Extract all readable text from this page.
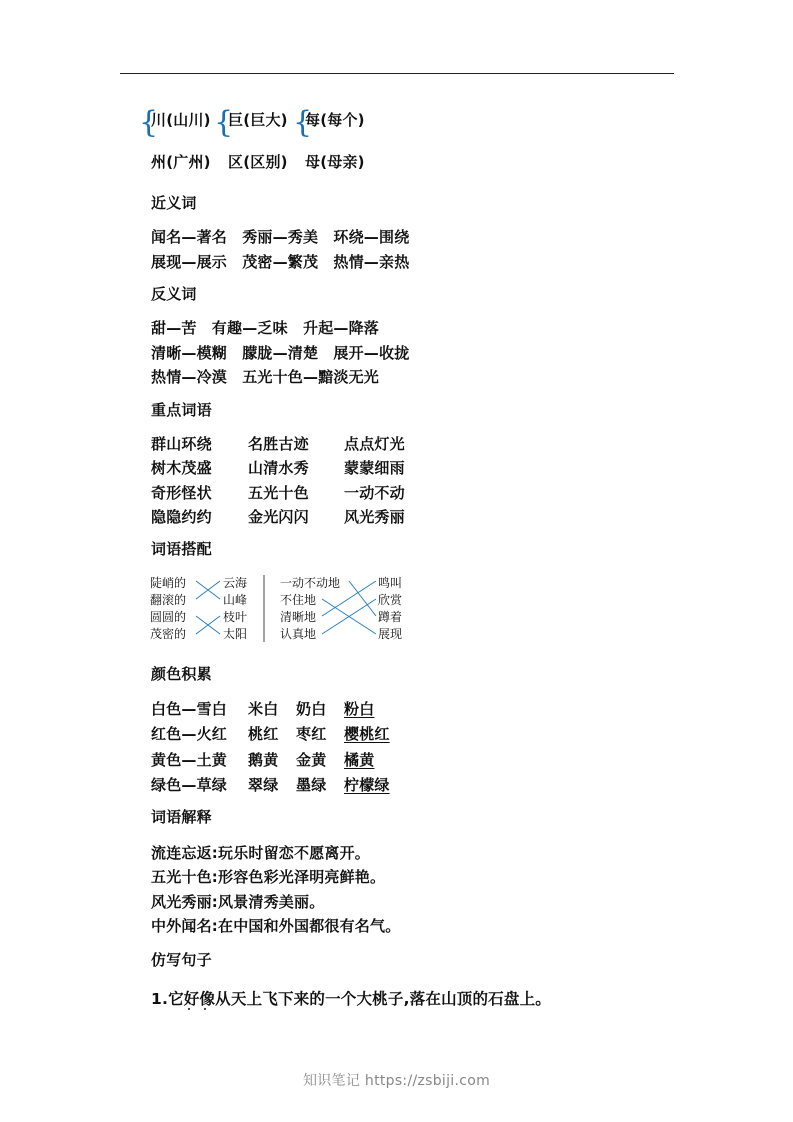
{ { {
川(山川) 巨(巨大) 每(每个)
州(广州) 区(区别) 母(母亲)
近义词
闻名—著名　秀丽—秀美　环绕—围绕
展现—展示　茂密—繁茂　热情—亲热
反义词
甜—苦　有趣—乏味　升起—降落
清晰—模糊　朦胧—清楚　展开—收拢
热情—冷漠　五光十色—黯淡无光
重点词语
群山环绕 名胜古迹 点点灯光
树木茂盛 山清水秀 蒙蒙细雨
奇形怪状 五光十色 一动不动
隐隐约约 金光闪闪 风光秀丽
词语搭配
陡峭的
翻滚的
圆圆的
茂密的
云海
山峰
枝叶
太阳
一动不动地
不住地
清晰地
认真地
鸣叫
欣赏
蹲着
展现
颜色积累
白色—雪白 米白 奶白 粉白
红色—火红 桃红 枣红 樱桃红
黄色—土黄 鹅黄 金黄 橘黄
绿色—草绿 翠绿 墨绿 柠檬绿
词语解释
流连忘返:玩乐时留恋不愿离开。
五光十色:形容色彩光泽明亮鲜艳。
风光秀丽:风景清秀美丽。
中外闻名:在中国和外国都很有名气。
仿写句子
1.它好像从天上飞下来的一个大桃子,落在山顶的石盘上。
知识笔记 https://zsbiji.com
